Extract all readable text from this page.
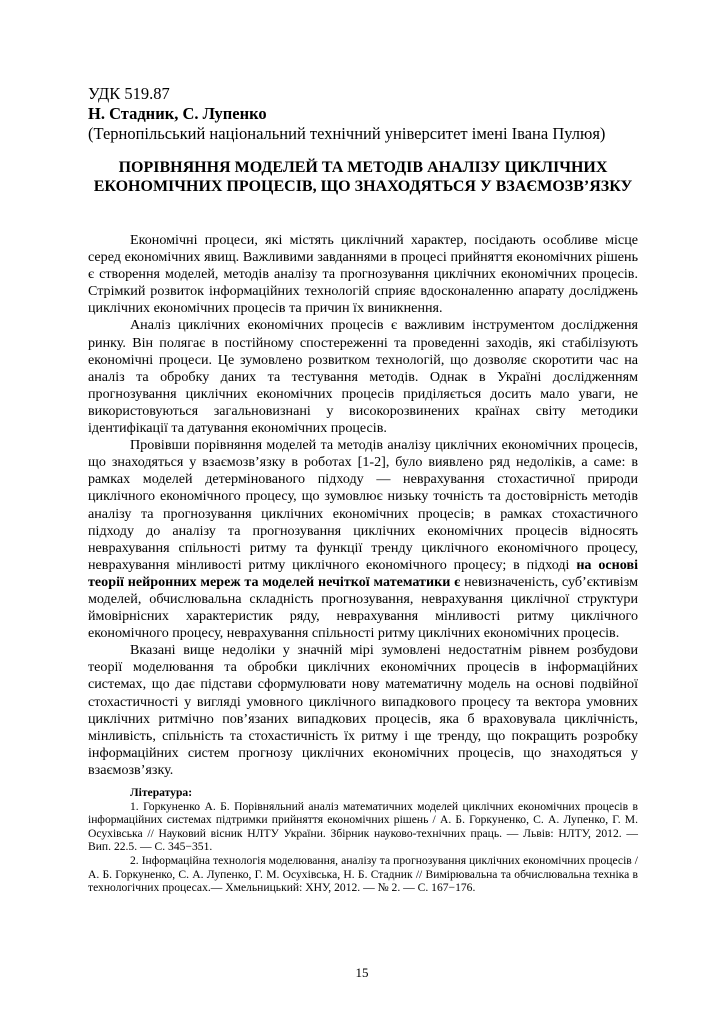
УДК 519.87
Н. Стадник, С. Лупенко
(Тернопільський національний технічний університет імені Івана Пулюя)
ПОРІВНЯННЯ МОДЕЛЕЙ ТА МЕТОДІВ АНАЛІЗУ ЦИКЛІЧНИХ ЕКОНОМІЧНИХ ПРОЦЕСІВ, ЩО ЗНАХОДЯТЬСЯ У ВЗАЄМОЗВ’ЯЗКУ

Економічні процеси, які містять циклічний характер, посідають особливе місце серед економічних явищ. Важливими завданнями в процесі прийняття економічних рішень є створення моделей, методів аналізу та прогнозування циклічних економічних процесів. Стрімкий розвиток інформаційних технологій сприяє вдосконаленню апарату досліджень циклічних економічних процесів та причин їх виникнення.

Аналіз циклічних економічних процесів є важливим інструментом дослідження ринку. Він полягає в постійному спостереженні та проведенні заходів, які стабілізують економічні процеси. Це зумовлено розвитком технологій, що дозволяє скоротити час на аналіз та обробку даних та тестування методів. Однак в Україні дослідженням прогнозування циклічних економічних процесів приділяється досить мало уваги, не використовуються загальновизнані у високорозвинених країнах світу методики ідентифікації та датування економічних процесів.

Провівши порівняння моделей та методів аналізу циклічних економічних процесів, що знаходяться у взаємозв’язку в роботах [1-2], було виявлено ряд недоліків, а саме: в рамках моделей детермінованого підходу — неврахування стохастичної природи циклічного економічного процесу, що зумовлює низьку точність та достовірність методів аналізу та прогнозування циклічних економічних процесів; в рамках стохастичного підходу до аналізу та прогнозування циклічних економічних процесів відносять неврахування спільності ритму та функції тренду циклічного економічного процесу, неврахування мінливості ритму циклічного економічного процесу; в підході на основі теорії нейронних мереж та моделей нечіткої математики є невизначеність, суб’єктивізм моделей, обчислювальна складність прогнозування, неврахування циклічної структури ймовірнісних характеристик ряду, неврахування мінливості ритму циклічного економічного процесу, неврахування спільності ритму циклічних економічних процесів.

Вказані вище недоліки у значній мірі зумовлені недостатнім рівнем розбудови теорії моделювання та обробки циклічних економічних процесів в інформаційних системах, що дає підстави сформулювати нову математичну модель на основі подвійної стохастичності у вигляді умовного циклічного випадкового процесу та вектора умовних циклічних ритмічно пов’язаних випадкових процесів, яка б враховувала циклічність, мінливість, спільність та стохастичність їх ритму і ще тренду, що покращить розробку інформаційних систем прогнозу циклічних економічних процесів, що знаходяться у взаємозв’язку.

Література:

1. Горкуненко А. Б. Порівняльний аналіз математичних моделей циклічних економічних процесів в інформаційних системах підтримки прийняття економічних рішень / А. Б. Горкуненко, С. А. Лупенко, Г. М. Осухівська // Науковий вісник НЛТУ України. Збірник науково-технічних праць. — Львів: НЛТУ, 2012. — Вип. 22.5. — С. 345−351.

2. Інформаційна технологія моделювання, аналізу та прогнозування циклічних економічних процесів / А. Б. Горкуненко, С. А. Лупенко, Г. М. Осухівська, Н. Б. Стадник // Вимірювальна та обчислювальна техніка в технологічних процесах.— Хмельницький: ХНУ, 2012. — № 2. — С. 167−176.

15
